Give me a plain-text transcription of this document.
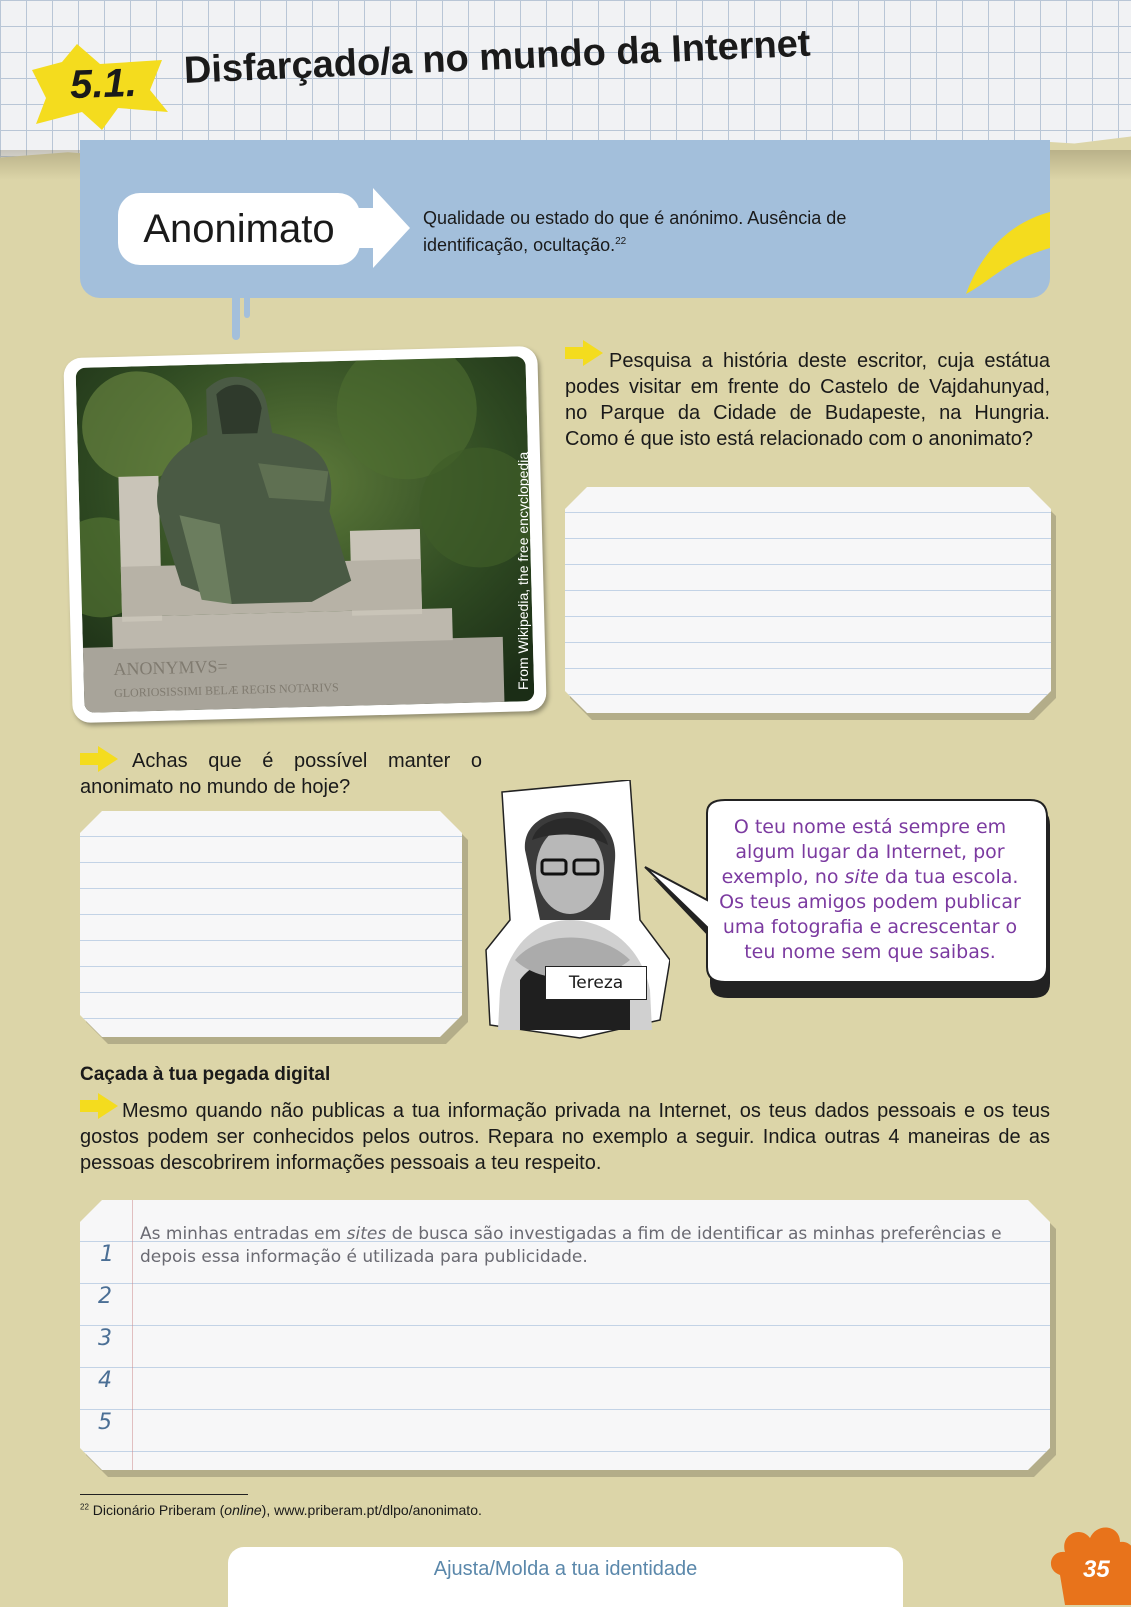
5.1. Disfarçado/a no mundo da Internet
Anonimato	Qualidade ou estado do que é anónimo. Ausência de identificação, ocultação.$^{22}$
ANONYMVS=
GLORIOSISSIMI BELÆ REGIS NOTARIVS
From Wikipedia, the free encyclopedia
Pesquisa a história deste escritor, cuja estátua podes visitar em frente do Castelo de Vajdahunyad, no Parque da Cidade de Budapeste, na Hungria. Como é que isto está relacionado com o anonimato?
Achas que é possível manter o anonimato no mundo de hoje?
Tereza
O teu nome está sempre em algum lugar da Internet, por exemplo, no site da tua escola. Os teus amigos podem publicar uma fotografia e acrescentar o teu nome sem que saibas.
Caçada à tua pegada digital
Mesmo quando não publicas a tua informação privada na Internet, os teus dados pessoais e os teus gostos podem ser conhecidos pelos outros. Repara no exemplo a seguir. Indica outras 4 maneiras de as pessoas descobrirem informações pessoais a teu respeito.
As minhas entradas em sites de busca são investigadas a fim de identificar as minhas preferências e depois essa informação é utilizada para publicidade.
1
2
3
4
5
$^{22}$ Dicionário Priberam (online), www.priberam.pt/dlpo/anonimato.
Ajusta/Molda a tua identidade	35
